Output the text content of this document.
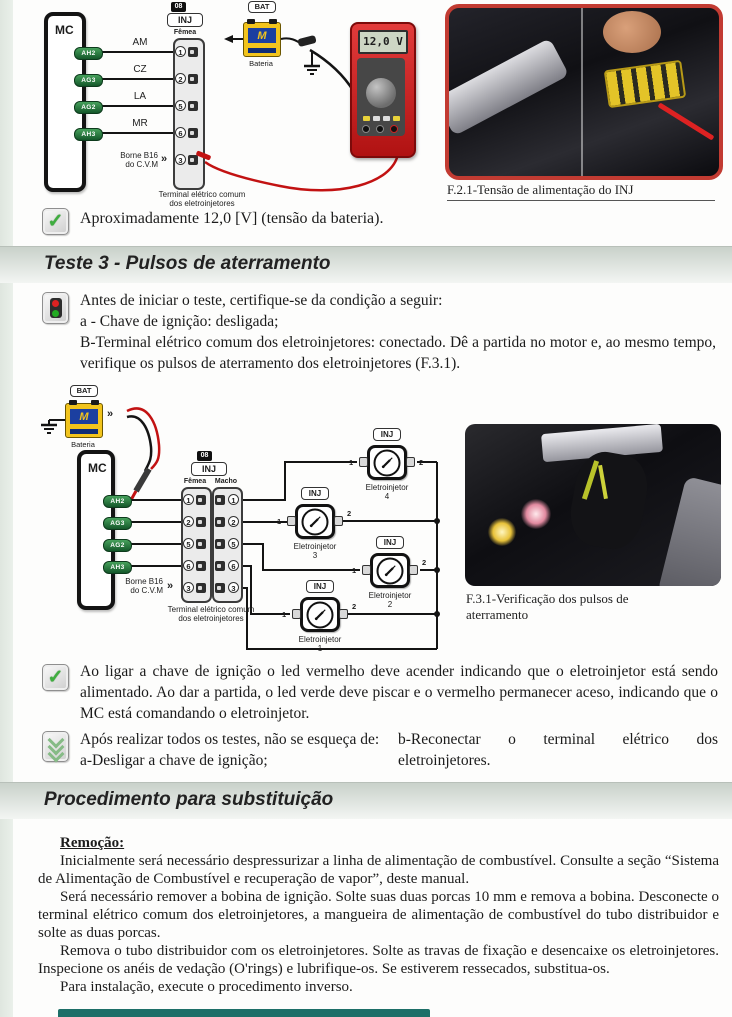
MC
AH2
AG3
AG2
AH3
AM
CZ
LA
MR
08
INJ
Fêmea
1
2
5
6
3
Borne B16
do C.V.M »
Terminal elétrico comum
dos eletroinjetores
BAT
M
Bateria
12,0 V
F.2.1-Tensão de alimentação do INJ
✓ Aproximadamente 12,0 [V] (tensão da bateria).
Teste 3 - Pulsos de aterramento
Antes de iniciar o teste, certifique-se da condição a seguir:
a - Chave de ignição: desligada;
B-Terminal elétrico comum dos eletroinjetores: conectado. Dê a partida no motor e, ao mesmo tempo, verifique os pulsos de aterramento dos eletroinjetores (F.3.1).
BAT
M
Bateria
»
MC
AH2
AG3
AG2
AH3
Borne B16
do C.V.M »
08
INJ
Fêmea	Macho
1
2
5
6
3
1
2
5
6
3
Terminal elétrico comum
dos eletroinjetores
INJ
1	2
Eletroinjetor
4
INJ
1
2
Eletroinjetor
3
INJ
1
2
Eletroinjetor
2
INJ
1
2
Eletroinjetor
1
F.3.1-Verificação dos pulsos de
aterramento
✓ Ao ligar a chave de ignição o led vermelho deve acender indicando que o eletroinjetor está sendo alimentado. Ao dar a partida, o led verde deve piscar e o vermelho permanecer aceso, indicando que o MC está comandando o eletroinjetor.
Após realizar todos os testes, não se esqueça de:
a-Desligar a chave de ignição;
b-Reconectar o terminal elétrico dos eletroinjetores.
Procedimento para substituição
Remoção:

Inicialmente será necessário despressurizar a linha de alimentação de combustível. Consulte a seção “Sistema de Alimentação de Combustível e recuperação de vapor”, deste manual.

Será necessário remover a bobina de ignição. Solte suas duas porcas 10 mm e remova a bobina. Desconecte o terminal elétrico comum dos eletroinjetores, a mangueira de alimentação de combustível do tubo distribuidor e solte as duas porcas.

Remova o tubo distribuidor com os eletroinjetores. Solte as travas de fixação e desencaixe os eletroinjetores. Inspecione os anéis de vedação (O'rings) e lubrifique-os. Se estiverem ressecados, substitua-os.

Para instalação, execute o procedimento inverso.
